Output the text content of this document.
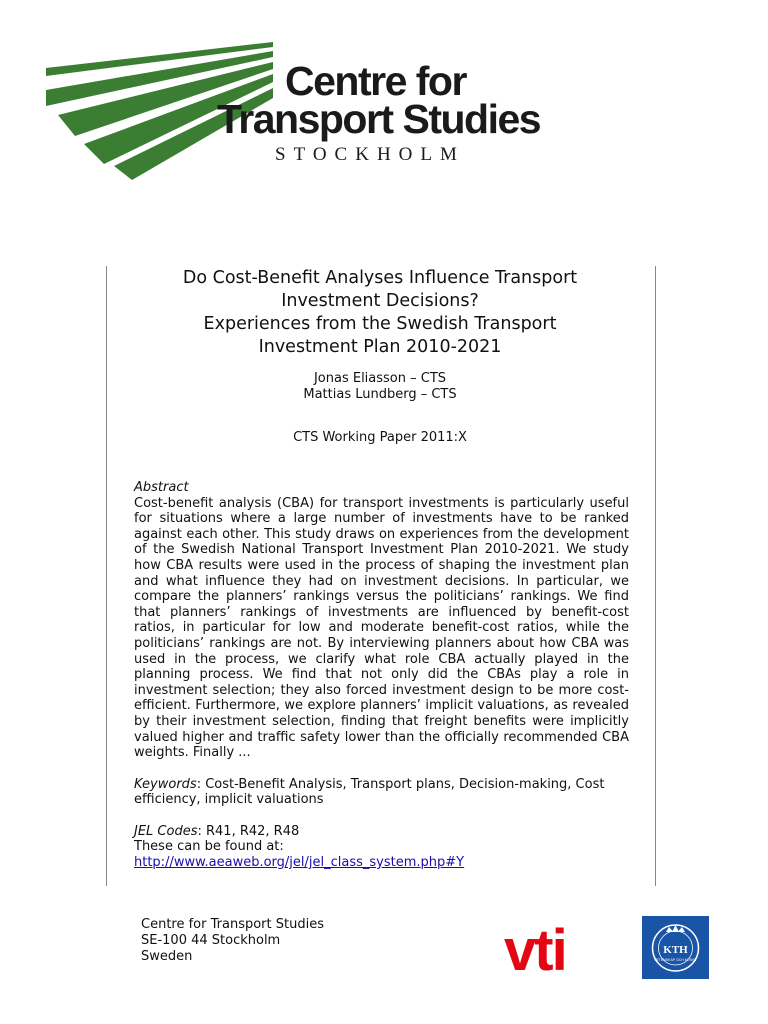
Centre for
Transport Studies
STOCKHOLM
Do Cost-Benefit Analyses Influence Transport
Investment Decisions?
Experiences from the Swedish Transport
Investment Plan 2010-2021
Jonas Eliasson – CTS
Mattias Lundberg – CTS
CTS Working Paper 2011:X
Abstract

Cost-benefit analysis (CBA) for transport investments is particularly useful for situations where a large number of investments have to be ranked against each other. This study draws on experiences from the development of the Swedish National Transport Investment Plan 2010-2021. We study how CBA results were used in the process of shaping the investment plan and what influence they had on investment decisions. In particular, we compare the planners’ rankings versus the politicians’ rankings. We find that planners’ rankings of investments are influenced by benefit-cost ratios, in particular for low and moderate benefit-cost ratios, while the politicians’ rankings are not. By interviewing planners about how CBA was used in the process, we clarify what role CBA actually played in the planning process. We find that not only did the CBAs play a role in investment selection; they also forced investment design to be more cost-efficient. Furthermore, we explore planners’ implicit valuations, as revealed by their investment selection, finding that freight benefits were implicitly valued higher and traffic safety lower than the officially recommended CBA weights. Finally ...

Keywords: Cost-Benefit Analysis, Transport plans, Decision-making, Cost efficiency, implicit valuations
JEL Codes: R41, R42, R48
These can be found at:
http://www.aeaweb.org/jel/jel_class_system.php#Y
Centre for Transport Studies
SE-100 44 Stockholm
Sweden	vti	KTH
VETENSKAP OCH KONST
